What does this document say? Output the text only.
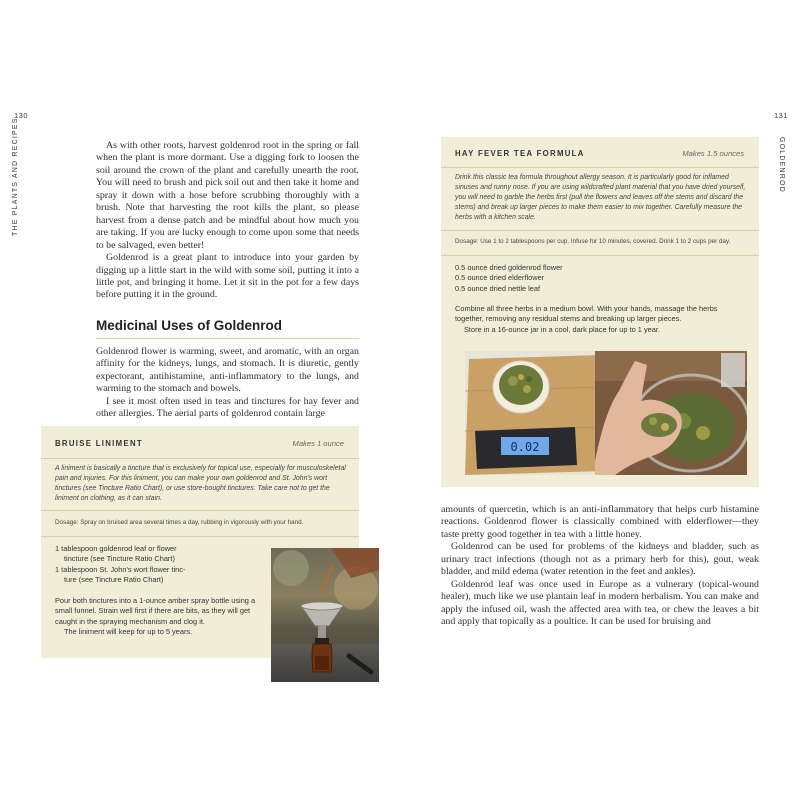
130
THE PLANTS AND RECIPES	As with other roots, harvest goldenrod root in the spring or fall when the plant is more dormant. Use a digging fork to loosen the soil around the crown of the plant and carefully unearth the root. You will need to brush and pick soil out and then take it home and spray it down with a hose before scrubbing thoroughly with a brush. Note that harvesting the root kills the plant, so please harvest from a dense patch and be mindful about how much you are taking. If you are lucky enough to come upon some that needs to be salvaged, even better!

Goldenrod is a great plant to introduce into your garden by digging up a little start in the wild with some soil, putting it into a little pot, and bringing it home. Let it sit in the pot for a few days before putting it in the ground.

Medicinal Uses of Goldenrod

Goldenrod flower is warming, sweet, and aromatic, with an organ affinity for the kidneys, lungs, and stomach. It is diuretic, gently expectorant, antihistamine, anti-inflammatory to the lungs, and warming to the stomach and bowels.

I see it most often used in teas and tinctures for hay fever and other allergies. The aerial parts of goldenrod contain large

BRUISE LINIMENT	Makes 1 ounce
A liniment is basically a tincture that is exclusively for topical use, especially for musculoskeletal pain and injuries. For this liniment, you can make your own goldenrod and St. John's wort tinctures (see Tincture Ratio Chart), or use store-bought tinctures. Take care not to get the liniment on clothing, as it can stain.
Dosage: Spray on bruised area several times a day, rubbing in vigorously with your hand.
1 tablespoon goldenrod leaf or flower
tincture (see Tincture Ratio Chart)
1 tablespoon St. John's wort flower tinc-
ture (see Tincture Ratio Chart)
Pour both tinctures into a 1-ounce amber spray bottle using a small funnel. Strain well first if there are bits, as they will get caught in the spraying mechanism and clog it.
The liniment will keep for up to 5 years.
131
GOLDENROD
HAY FEVER TEA FORMULA	Makes 1.5 ounces
Drink this classic tea formula throughout allergy season. It is particularly good for inflamed sinuses and runny nose. If you are using wildcrafted plant material that you have dried yourself, you will need to garble the herbs first (pull the flowers and leaves off the stems and discard the stems) and break up larger pieces to make them easier to mix together. Carefully measure the herbs with a kitchen scale.
Dosage: Use 1 to 2 tablespoons per cup. Infuse for 10 minutes, covered. Drink 1 to 2 cups per day.
0.5 ounce dried goldenrod flower
0.5 ounce dried elderflower
0.5 ounce dried nettle leaf
Combine all three herbs in a medium bowl. With your hands, massage the herbs together, removing any residual stems and breaking up larger pieces.
Store in a 16-ounce jar in a cool, dark place for up to 1 year.
0.02

amounts of quercetin, which is an anti-inflammatory that helps curb histamine reactions. Goldenrod flower is classically combined with elderflower—they taste pretty good together in tea with a little honey.

Goldenrod can be used for problems of the kidneys and bladder, such as urinary tract infections (though not as a primary herb for this), gout, weak bladder, and mild edema (water retention in the feet and ankles).

Goldenrod leaf was once used in Europe as a vulnerary (topical-wound healer), much like we use plantain leaf in modern herbalism. You can make and apply the infused oil, wash the affected area with tea, or chew the leaves a bit and apply that topically as a poultice. It can be used for bruising and
